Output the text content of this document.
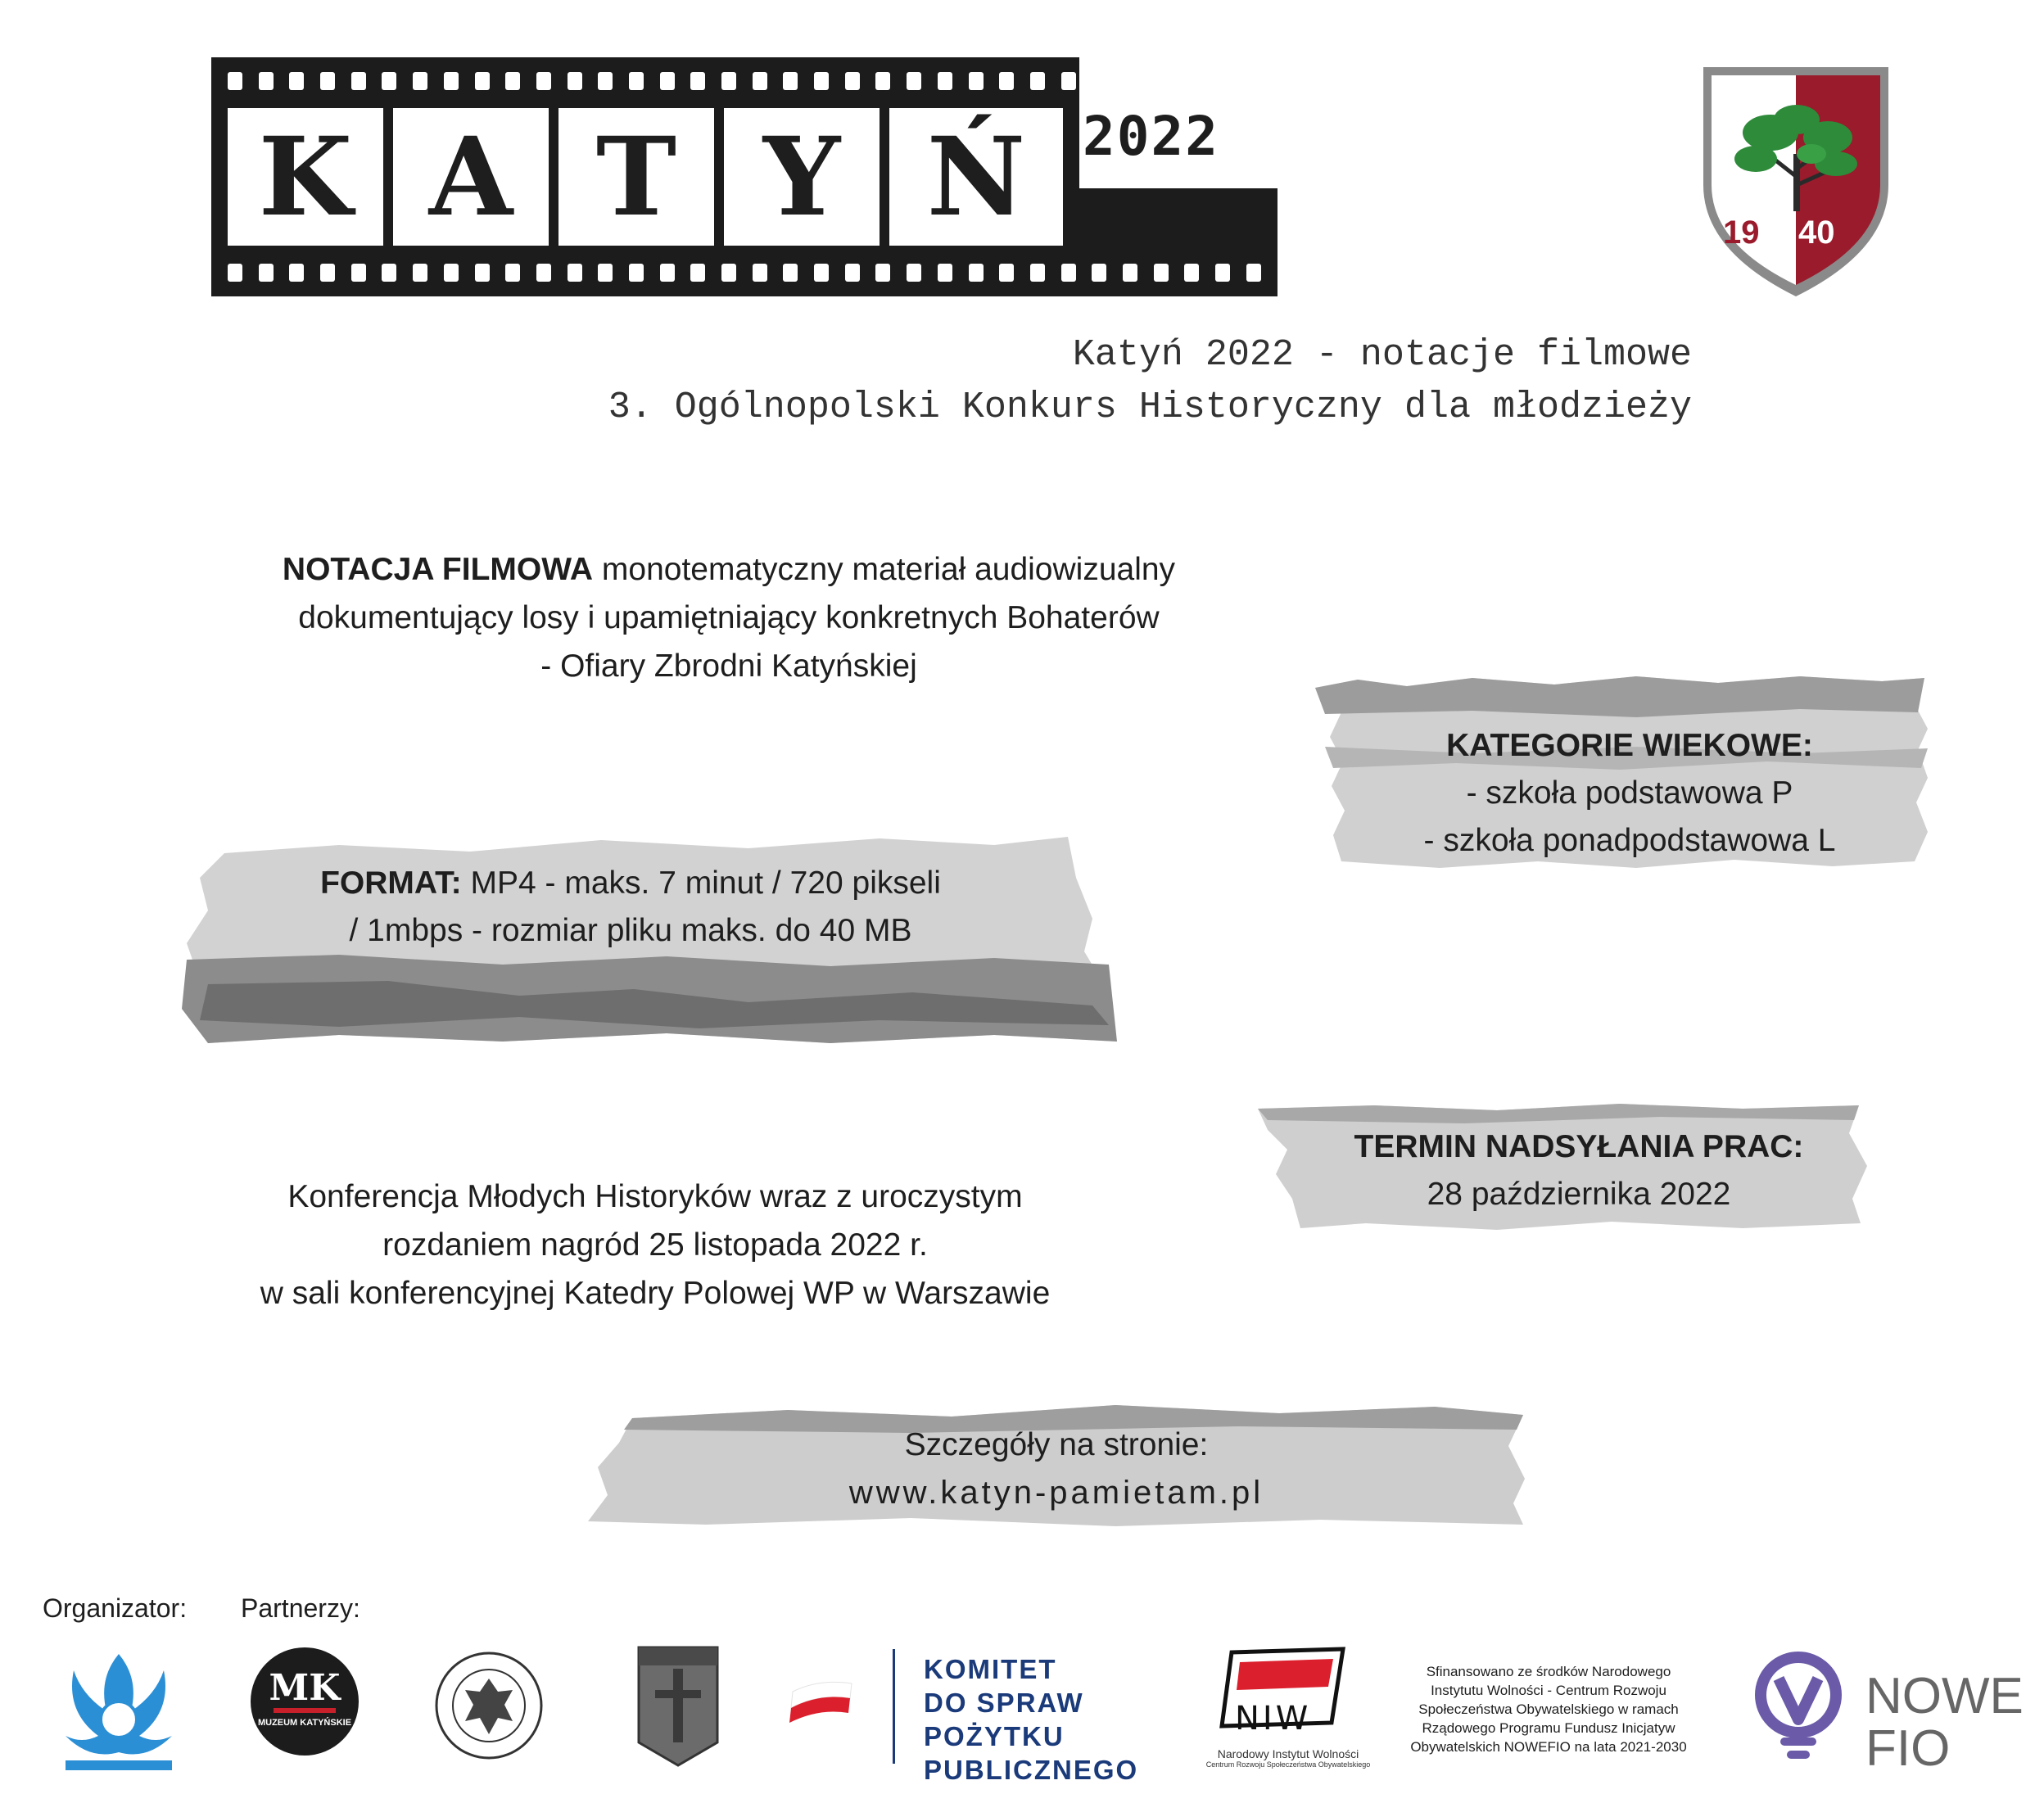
K A T Y Ń	2022
19 40
Katyń 2022 - notacje filmowe
3. Ogólnopolski Konkurs Historyczny dla młodzieży
NOTACJA FILMOWA monotematyczny materiał audiowizualny
dokumentujący losy i upamiętniający konkretnych Bohaterów
- Ofiary Zbrodni Katyńskiej
KATEGORIE WIEKOWE:
- szkoła podstawowa P
- szkoła ponadpodstawowa L
FORMAT: MP4 - maks. 7 minut / 720 pikseli
/ 1mbps - rozmiar pliku maks. do 40 MB
TERMIN NADSYŁANIA PRAC:
28 października 2022
Konferencja Młodych Historyków wraz z uroczystym
rozdaniem nagród 25 listopada 2022 r.
w sali konferencyjnej Katedry Polowej WP w Warszawie
Szczegóły na stronie:
www.katyn-pamietam.pl
Organizator: Partnerzy:
MK
MUZEUM KATYŃSKIE
KOMITET
DO SPRAW
POŻYTKU
PUBLICZNEGO
NIW
Narodowy Instytut Wolności
Centrum Rozwoju Społeczeństwa Obywatelskiego
Sfinansowano ze środków Narodowego
Instytutu Wolności - Centrum Rozwoju
Społeczeństwa Obywatelskiego w ramach
Rządowego Programu Fundusz Inicjatyw
Obywatelskich NOWEFIO na lata 2021-2030
NOWE
FIO
